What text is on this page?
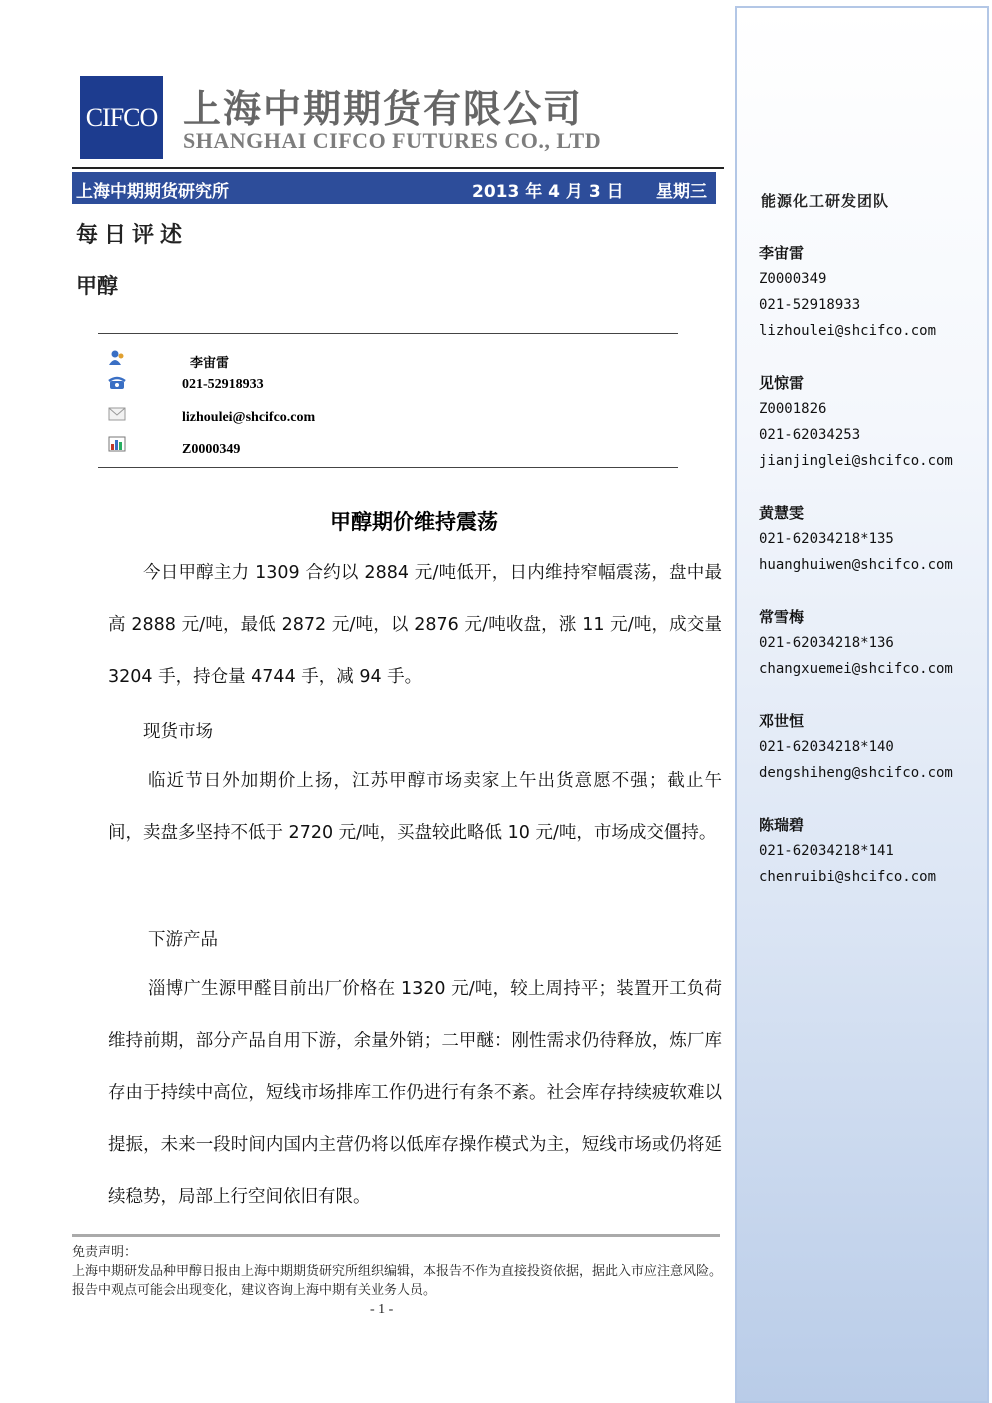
能源化工研发团队
李宙雷
Z0000349
021-52918933
lizhoulei@shcifco.com
见惊雷
Z0001826
021-62034253
jianjinglei@shcifco.com
黄慧雯
021-62034218*135
huanghuiwen@shcifco.com
常雪梅
021-62034218*136
changxuemei@shcifco.com
邓世恒
021-62034218*140
dengshiheng@shcifco.com
陈瑞碧
021-62034218*141
chenruibi@shcifco.com
CIFCO 上海中期期货有限公司
SHANGHAI CIFCO FUTURES CO., LTD
上海中期期货研究所	2013 年 4 月 3 日 星期三
每日评述
甲醇
李宙雷
021-52918933
lizhoulei@shcifco.com
Z0000349
甲醇期价维持震荡
今日甲醇主力 1309 合约以 2884 元/吨低开，日内维持窄幅震荡，盘中最高 2888 元/吨，最低 2872 元/吨，以 2876 元/吨收盘，涨 11 元/吨，成交量 3204 手，持仓量 4744 手，减 94 手。
现货市场
临近节日外加期价上扬，江苏甲醇市场卖家上午出货意愿不强；截止午间，卖盘多坚持不低于 2720 元/吨，买盘较此略低 10 元/吨，市场成交僵持。
下游产品
淄博广生源甲醛目前出厂价格在 1320 元/吨，较上周持平；装置开工负荷维持前期，部分产品自用下游，余量外销；二甲醚：刚性需求仍待释放，炼厂库存由于持续中高位，短线市场排库工作仍进行有条不紊。社会库存持续疲软难以提振，未来一段时间内国内主营仍将以低库存操作模式为主，短线市场或仍将延续稳势，局部上行空间依旧有限。
免责声明：
上海中期研发品种甲醇日报由上海中期期货研究所组织编辑，本报告不作为直接投资依据，据此入市应注意风险。报告中观点可能会出现变化，建议咨询上海中期有关业务人员。
- 1 -
